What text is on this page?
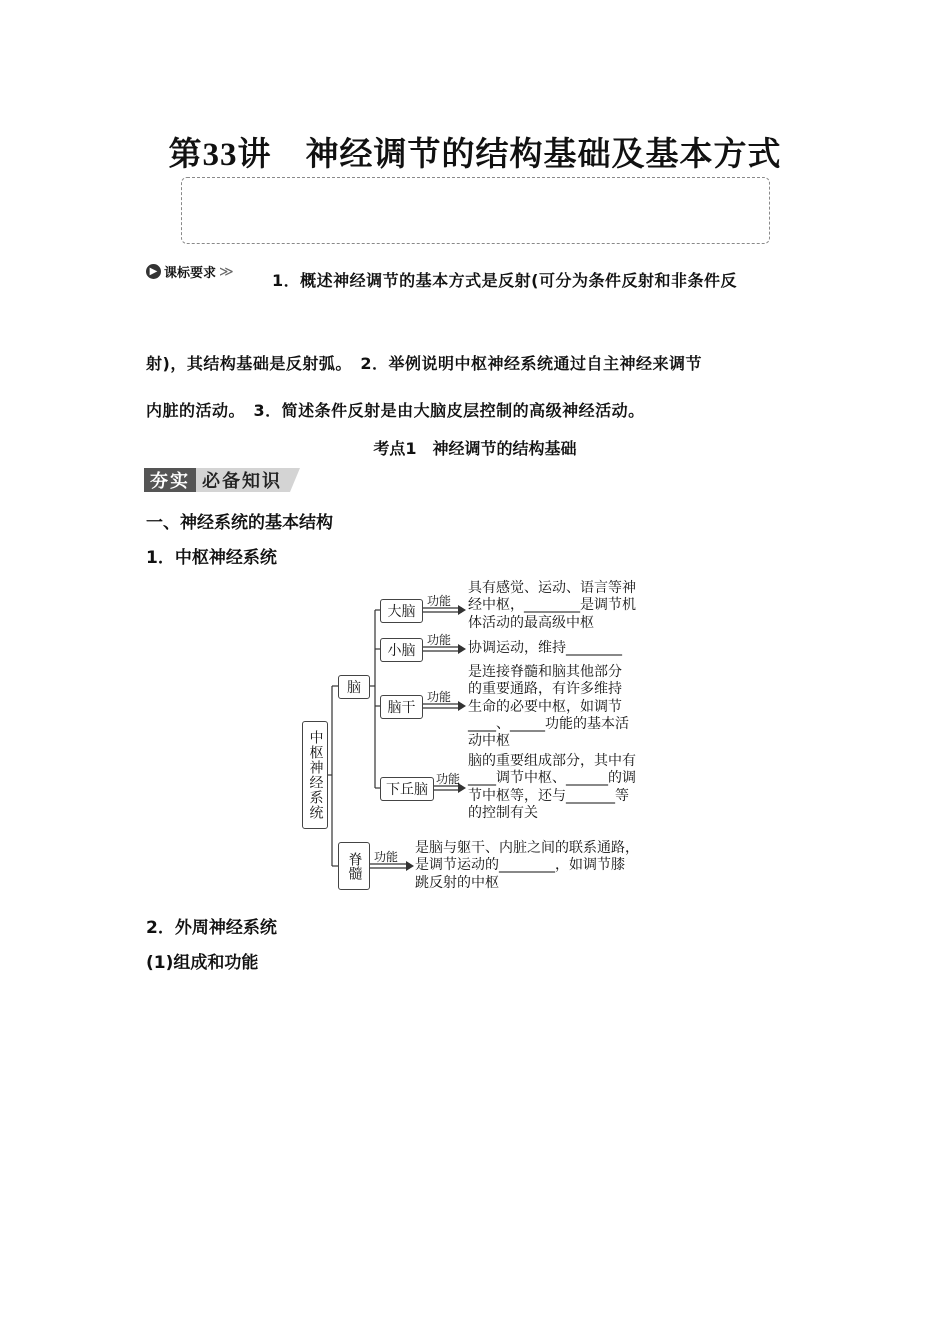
第33讲　神经调节的结构基础及基本方式
▶ 课标要求 ≫ 1．概述神经调节的基本方式是反射(可分为条件反射和非条件反
射)，其结构基础是反射弧。　2．举例说明中枢神经系统通过自主神经来调节
内脏的活动。　3．简述条件反射是由大脑皮层控制的高级神经活动。
考点1　神经调节的结构基础
夯实 必备知识
一、神经系统的基本结构
1．中枢神经系统
中枢神经系统
脑
脊髓
大脑
小脑
脑干
下丘脑
功能
功能
功能
功能
功能
具有感觉、运动、语言等神
经中枢，________是调节机
体活动的最高级中枢
协调运动，维持________
是连接脊髓和脑其他部分
的重要通路，有许多维持
生命的必要中枢，如调节
____、_____功能的基本活
动中枢
脑的重要组成部分，其中有
____调节中枢、______的调
节中枢等，还与_______等
的控制有关
是脑与躯干、内脏之间的联系通路，
是调节运动的________，如调节膝
跳反射的中枢
2．外周神经系统
(1)组成和功能
